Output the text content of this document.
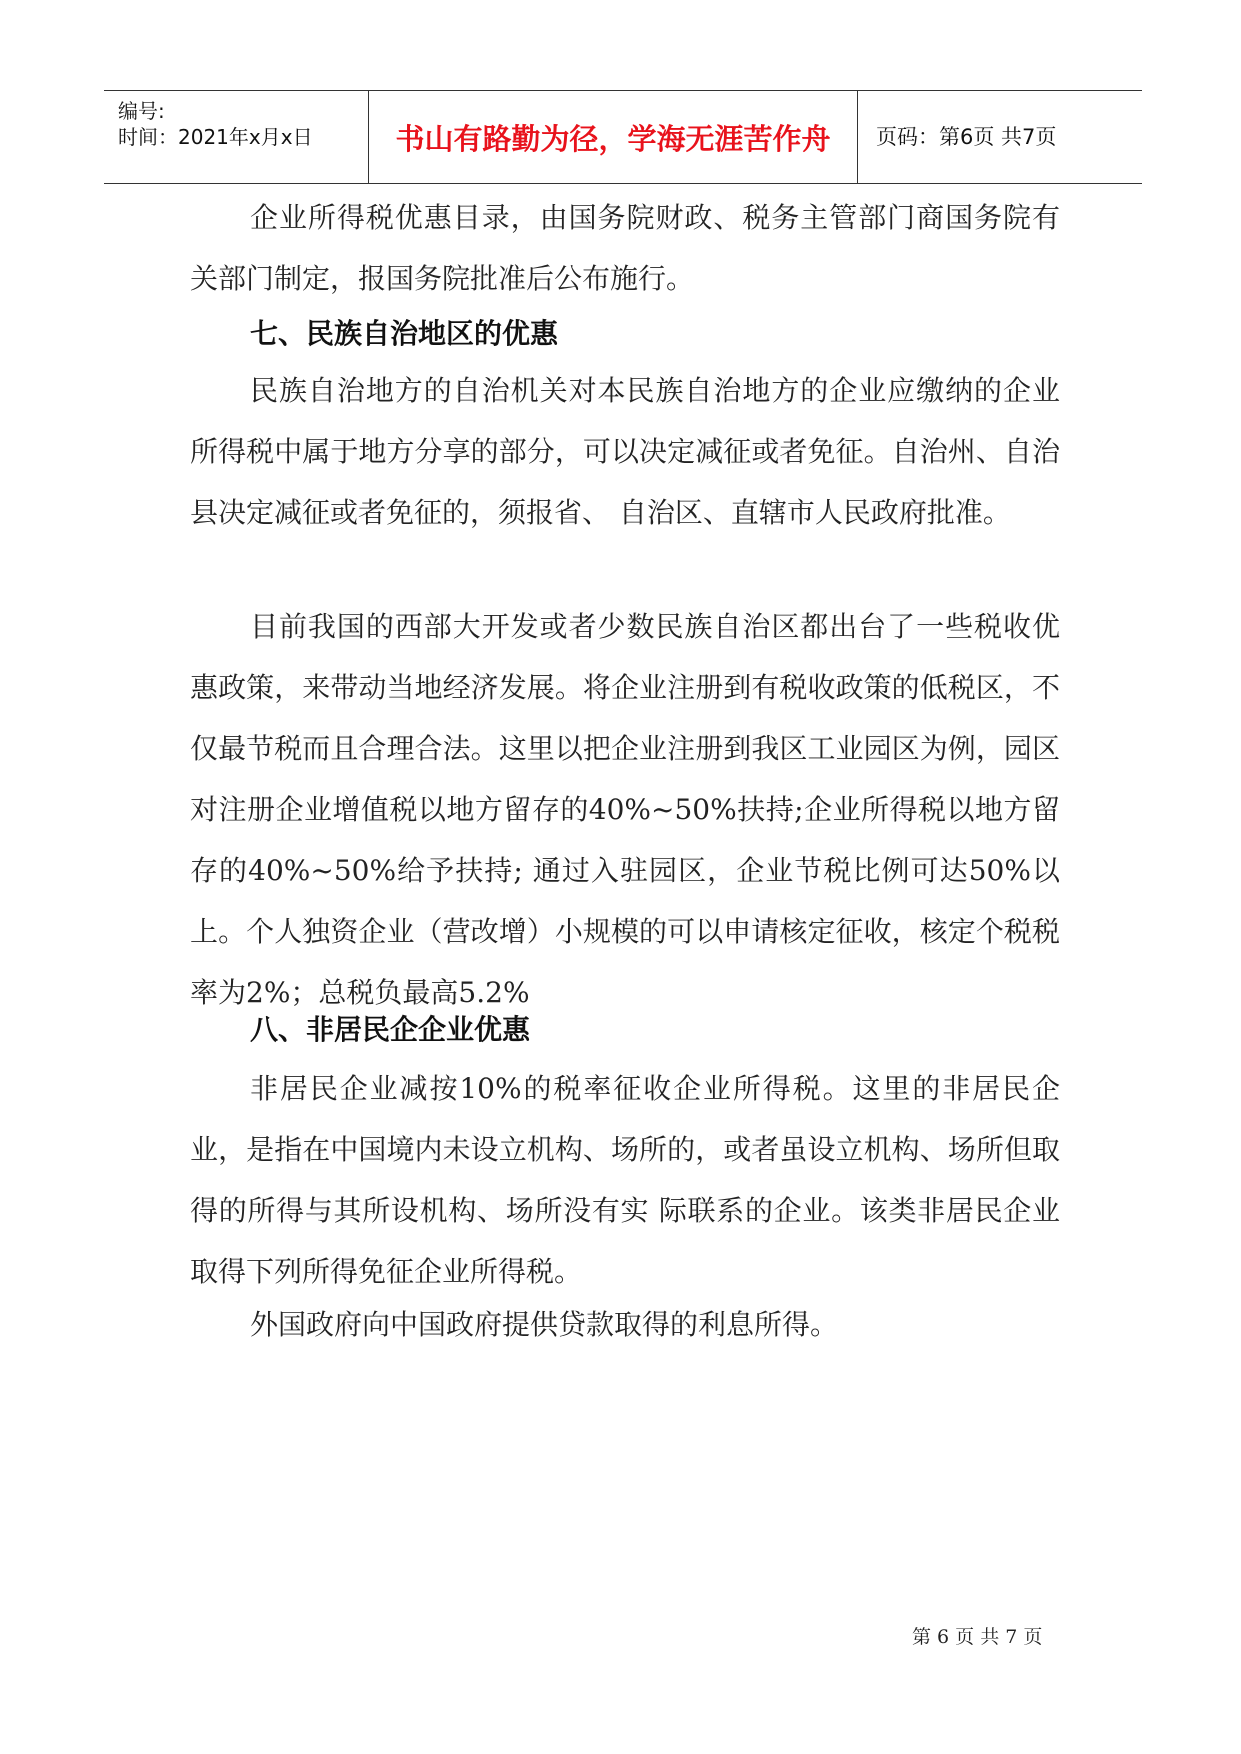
编号:
时间：2021年x月x日	书山有路勤为径，学海无涯苦作舟	页码：第6页 共7页

企业所得税优惠目录，由国务院财政、税务主管部门商国务院有关部门制定，报国务院批准后公布施行。

七、民族自治地区的优惠

民族自治地方的自治机关对本民族自治地方的企业应缴纳的企业所得税中属于地方分享的部分，可以决定减征或者免征。自治州、自治县决定减征或者免征的，须报省、 自治区、直辖市人民政府批准。

目前我国的西部大开发或者少数民族自治区都出台了一些税收优惠政策，来带动当地经济发展。将企业注册到有税收政策的低税区，不仅最节税而且合理合法。这里以把企业注册到我区工业园区为例，园区对注册企业增值税以地方留存的40%~50%扶持;企业所得税以地方留存的40%~50%给予扶持; 通过入驻园区，企业节税比例可达50%以上。个人独资企业（营改增）小规模的可以申请核定征收，核定个税税率为2%；总税负最高5.2%

八、非居民企企业优惠

非居民企业减按10%的税率征收企业所得税。这里的非居民企业，是指在中国境内未设立机构、场所的，或者虽设立机构、场所但取得的所得与其所设机构、场所没有实 际联系的企业。该类非居民企业取得下列所得免征企业所得税。

外国政府向中国政府提供贷款取得的利息所得。

第 6 页 共 7 页
